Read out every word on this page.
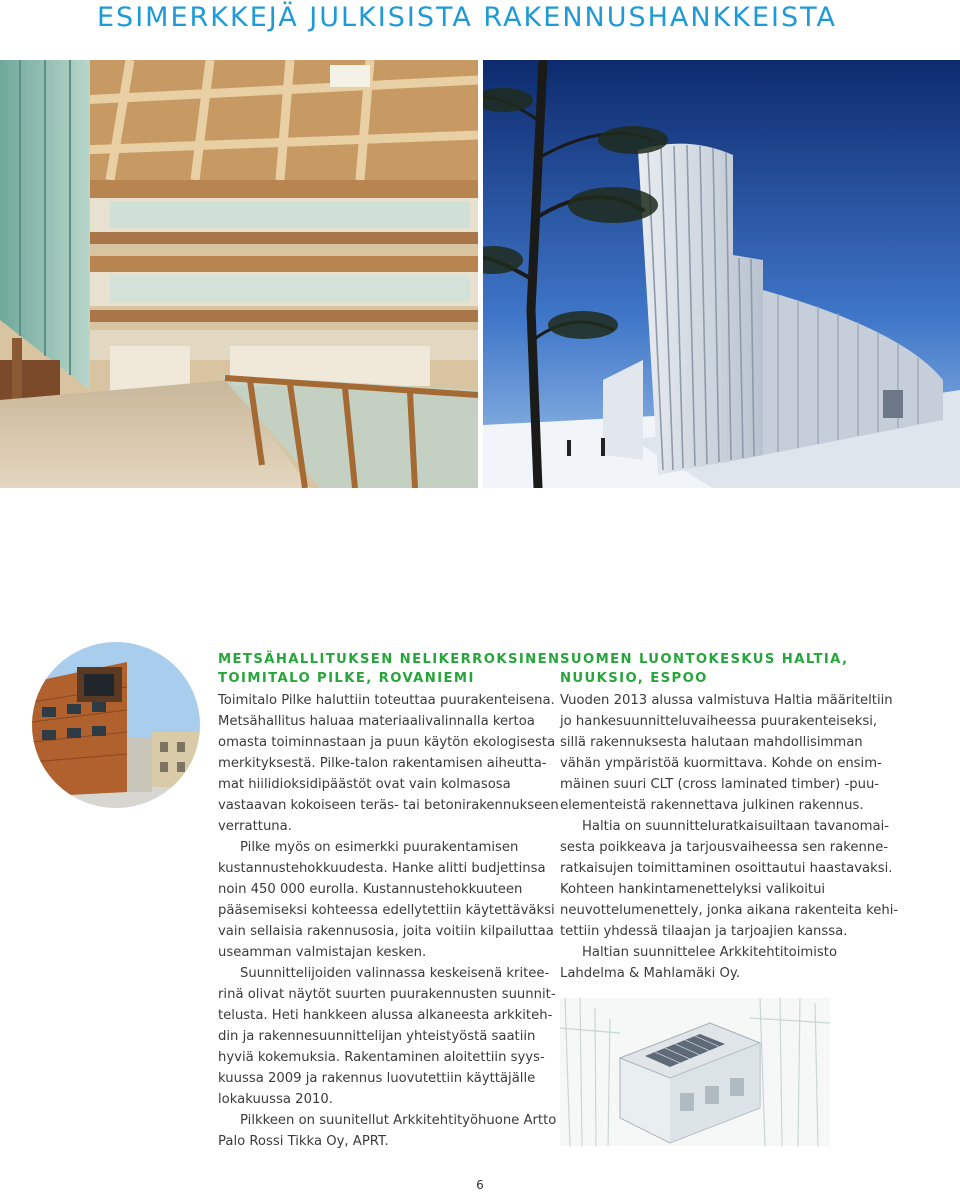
ESIMERKKEJÄ JULKISISTA RAKENNUSHANKKEISTA
METSÄHALLITUKSEN NELIKERROKSINEN
TOIMITALO PILKE, ROVANIEMI
Toimitalo Pilke haluttiin toteuttaa puurakenteisena.
Metsähallitus haluaa materiaalivalinnalla kertoa
omasta toiminnastaan ja puun käytön ekologisesta
merkityksestä. Pilke-talon rakentamisen aiheutta-
mat hiilidioksidipäästöt ovat vain kolmasosa
vastaavan kokoiseen teräs- tai betonirakennukseen
verrattuna.
Pilke myös on esimerkki puurakentamisen
kustannustehokkuudesta. Hanke alitti budjettinsa
noin 450 000 eurolla. Kustannustehokkuuteen
pääsemiseksi kohteessa edellytettiin käytettäväksi
vain sellaisia rakennusosia, joita voitiin kilpailuttaa
useamman valmistajan kesken.
Suunnittelijoiden valinnassa keskeisenä kriteе-
rinä olivat näytöt suurten puurakennusten suunnit-
telusta. Heti hankkeen alussa alkaneesta arkkiteh-
din ja rakennesuunnittelijan yhteistyöstä saatiin
hyviä kokemuksia. Rakentaminen aloitettiin syys-
kuussa 2009 ja rakennus luovutettiin käyttäjälle
lokakuussa 2010.
Pilkkeen on suunitellut Arkkitehtityöhuone Artto
Palo Rossi Tikka Oy, APRT.
SUOMEN LUONTOKESKUS HALTIA,
NUUKSIO, ESPOO
Vuoden 2013 alussa valmistuva Haltia määriteltiin
jo hankesuunnitteluvaiheessa puurakenteiseksi,
sillä rakennuksesta halutaan mahdollisimman
vähän ympäristöä kuormittava. Kohde on ensim-
mäinen suuri CLT (cross laminated timber) -puu-
elementeistä rakennettava julkinen rakennus.
Haltia on suunnitteluratkaisuiltaan tavanomai-
sesta poikkeava ja tarjousvaiheessa sen rakenne-
ratkaisujen toimittaminen osoittautui haastavaksi.
Kohteen hankintamenettelyksi valikoitui
neuvottelumenettely, jonka aikana rakenteita kehi-
tettiin yhdessä tilaajan ja tarjoajien kanssa.
Haltian suunnittelee Arkkitehtitoimisto
Lahdelma & Mahlamäki Oy.
6
